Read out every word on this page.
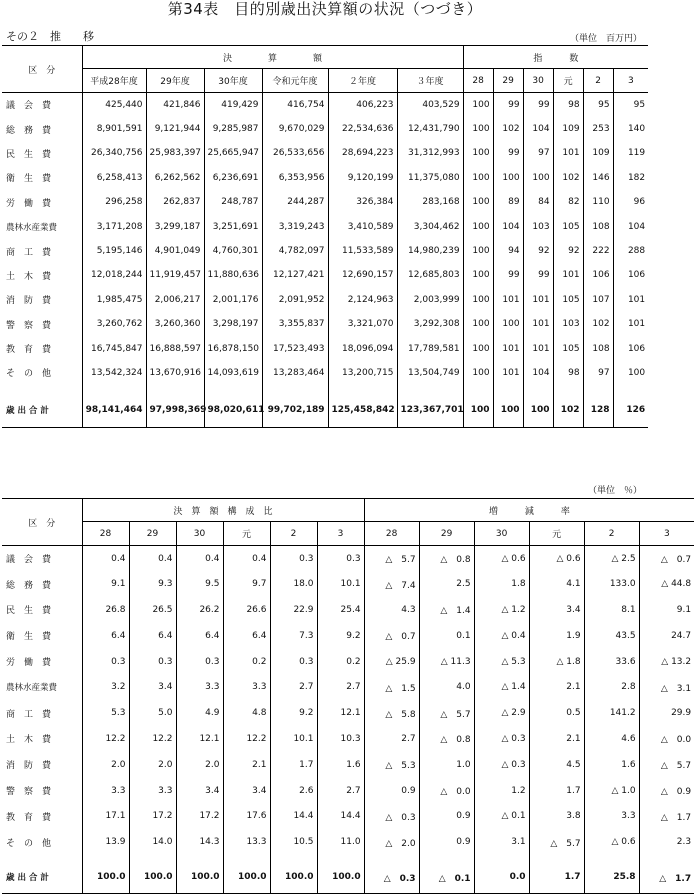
第34表　目的別歳出決算額の状況（つづき）
その２　推　　移	（単位　百万円）
区　分	決　　　　算　　　　額						指　　　数					
	平成28年度	29年度	30年度	令和元年度	２年度	３年度	28	29	30	元	2	3
議　会　費	425,440	421,846	419,429	416,754	406,223	403,529	100	99	99	98	95	95
総　務　費	8,901,591	9,121,944	9,285,987	9,670,029	22,534,636	12,431,790	100	102	104	109	253	140
民　生　費	26,340,756	25,983,397	25,665,947	26,533,656	28,694,223	31,312,993	100	99	97	101	109	119
衛　生　費	6,258,413	6,262,562	6,236,691	6,353,956	9,120,199	11,375,080	100	100	100	102	146	182
労　働　費	296,258	262,837	248,787	244,287	326,384	283,168	100	89	84	82	110	96
農林水産業費	3,171,208	3,299,187	3,251,691	3,319,243	3,410,589	3,304,462	100	104	103	105	108	104
商　工　費	5,195,146	4,901,049	4,760,301	4,782,097	11,533,589	14,980,239	100	94	92	92	222	288
土　木　費	12,018,244	11,919,457	11,880,636	12,127,421	12,690,157	12,685,803	100	99	99	101	106	106
消　防　費	1,985,475	2,006,217	2,001,176	2,091,952	2,124,963	2,003,999	100	101	101	105	107	101
警　察　費	3,260,762	3,260,360	3,298,197	3,355,837	3,321,070	3,292,308	100	100	101	103	102	101
教　育　費	16,745,847	16,888,597	16,878,150	17,523,493	18,096,094	17,789,581	100	101	101	105	108	106
そ　の　他	13,542,324	13,670,916	14,093,619	13,283,464	13,200,715	13,504,749	100	101	104	98	97	100
歳 出 合 計	98,141,464	97,998,369	98,020,611	99,702,189	125,458,842	123,367,701	100	100	100	102	128	126
（単位　％）
区　分	決　算　額　構　成　比						増　　　減　　　率					
	28	29	30	元	2	3	28	29	30	元	2	3
議　会　費	0.4	0.4	0.4	0.4	0.3	0.3	△　5.7	△　0.8	△ 0.6	△ 0.6	△ 2.5	△　0.7
総　務　費	9.1	9.3	9.5	9.7	18.0	10.1	△　7.4	2.5	1.8	4.1	133.0	△ 44.8
民　生　費	26.8	26.5	26.2	26.6	22.9	25.4	4.3	△　1.4	△ 1.2	3.4	8.1	9.1
衛　生　費	6.4	6.4	6.4	6.4	7.3	9.2	△　0.7	0.1	△ 0.4	1.9	43.5	24.7
労　働　費	0.3	0.3	0.3	0.2	0.3	0.2	△ 25.9	△ 11.3	△ 5.3	△ 1.8	33.6	△ 13.2
農林水産業費	3.2	3.4	3.3	3.3	2.7	2.7	△　1.5	4.0	△ 1.4	2.1	2.8	△　3.1
商　工　費	5.3	5.0	4.9	4.8	9.2	12.1	△　5.8	△　5.7	△ 2.9	0.5	141.2	29.9
土　木　費	12.2	12.2	12.1	12.2	10.1	10.3	2.7	△　0.8	△ 0.3	2.1	4.6	△　0.0
消　防　費	2.0	2.0	2.0	2.1	1.7	1.6	△　5.3	1.0	△ 0.3	4.5	1.6	△　5.7
警　察　費	3.3	3.3	3.4	3.4	2.6	2.7	0.9	△　0.0	1.2	1.7	△ 1.0	△　0.9
教　育　費	17.1	17.2	17.2	17.6	14.4	14.4	△　0.3	0.9	△ 0.1	3.8	3.3	△　1.7
そ　の　他	13.9	14.0	14.3	13.3	10.5	11.0	△　2.0	0.9	3.1	△　5.7	△ 0.6	2.3
歳 出 合 計	100.0	100.0	100.0	100.0	100.0	100.0	△　0.3	△　0.1	0.0	1.7	25.8	△　1.7
